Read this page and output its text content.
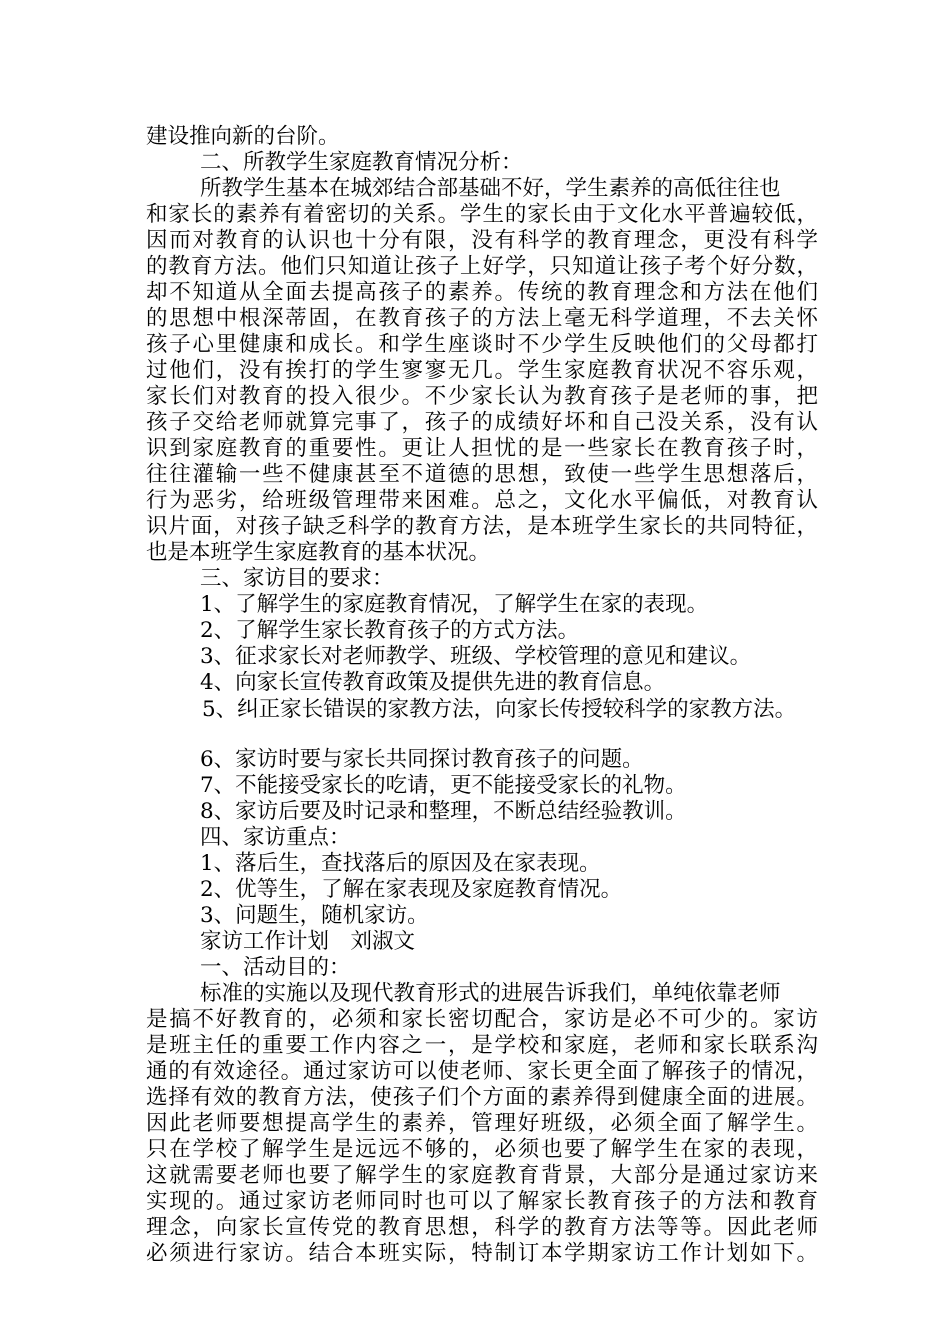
建设推向新的台阶。
二、所教学生家庭教育情况分析：
所教学生基本在城郊结合部基础不好，学生素养的高低往往也
和家长的素养有着密切的关系。学生的家长由于文化水平普遍较低，
因而对教育的认识也十分有限，没有科学的教育理念，更没有科学
的教育方法。他们只知道让孩子上好学，只知道让孩子考个好分数，
却不知道从全面去提高孩子的素养。传统的教育理念和方法在他们
的思想中根深蒂固，在教育孩子的方法上毫无科学道理，不去关怀
孩子心里健康和成长。和学生座谈时不少学生反映他们的父母都打
过他们，没有挨打的学生寥寥无几。学生家庭教育状况不容乐观，
家长们对教育的投入很少。不少家长认为教育孩子是老师的事，把
孩子交给老师就算完事了，孩子的成绩好坏和自己没关系，没有认
识到家庭教育的重要性。更让人担忧的是一些家长在教育孩子时，
往往灌输一些不健康甚至不道德的思想，致使一些学生思想落后，
行为恶劣，给班级管理带来困难。总之，文化水平偏低，对教育认
识片面，对孩子缺乏科学的教育方法，是本班学生家长的共同特征，
也是本班学生家庭教育的基本状况。
三、家访目的要求：
1、了解学生的家庭教育情况，了解学生在家的表现。
2、了解学生家长教育孩子的方式方法。
3、征求家长对老师教学、班级、学校管理的意见和建议。
4、向家长宣传教育政策及提供先进的教育信息。
5、纠正家长错误的家教方法，向家长传授较科学的家教方法。
6、家访时要与家长共同探讨教育孩子的问题。
7、不能接受家长的吃请，更不能接受家长的礼物。
8、家访后要及时记录和整理，不断总结经验教训。
四、家访重点：
1、落后生，查找落后的原因及在家表现。
2、优等生，了解在家表现及家庭教育情况。
3、问题生，随机家访。
家访工作计划　刘淑文
一、活动目的：
标准的实施以及现代教育形式的进展告诉我们，单纯依靠老师
是搞不好教育的，必须和家长密切配合，家访是必不可少的。家访
是班主任的重要工作内容之一，是学校和家庭，老师和家长联系沟
通的有效途径。通过家访可以使老师、家长更全面了解孩子的情况，
选择有效的教育方法，使孩子们个方面的素养得到健康全面的进展。
因此老师要想提高学生的素养，管理好班级，必须全面了解学生。
只在学校了解学生是远远不够的，必须也要了解学生在家的表现，
这就需要老师也要了解学生的家庭教育背景，大部分是通过家访来
实现的。通过家访老师同时也可以了解家长教育孩子的方法和教育
理念，向家长宣传党的教育思想，科学的教育方法等等。因此老师
必须进行家访。结合本班实际，特制订本学期家访工作计划如下。
